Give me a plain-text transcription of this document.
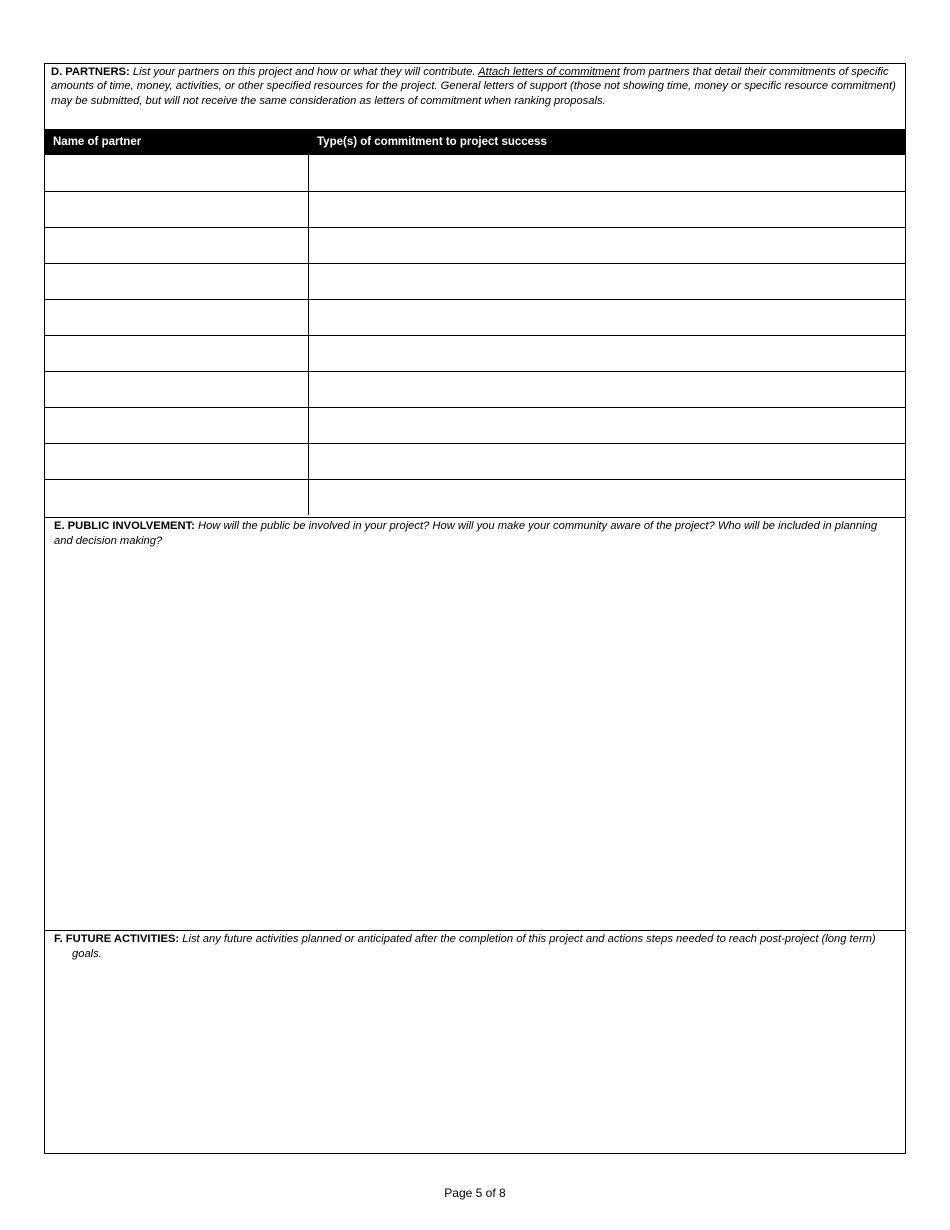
D. PARTNERS: List your partners on this project and how or what they will contribute. Attach letters of commitment from partners that detail their commitments of specific amounts of time, money, activities, or other specified resources for the project. General letters of support (those not showing time, money or specific resource commitment) may be submitted, but will not receive the same consideration as letters of commitment when ranking proposals.
Name of partner	Type(s) of commitment to project success
E. PUBLIC INVOLVEMENT: How will the public be involved in your project? How will you make your community aware of the project? Who will be included in planning and decision making?
F. FUTURE ACTIVITIES: List any future activities planned or anticipated after the completion of this project and actions steps needed to reach post-project (long term) goals.
Page 5 of 8
